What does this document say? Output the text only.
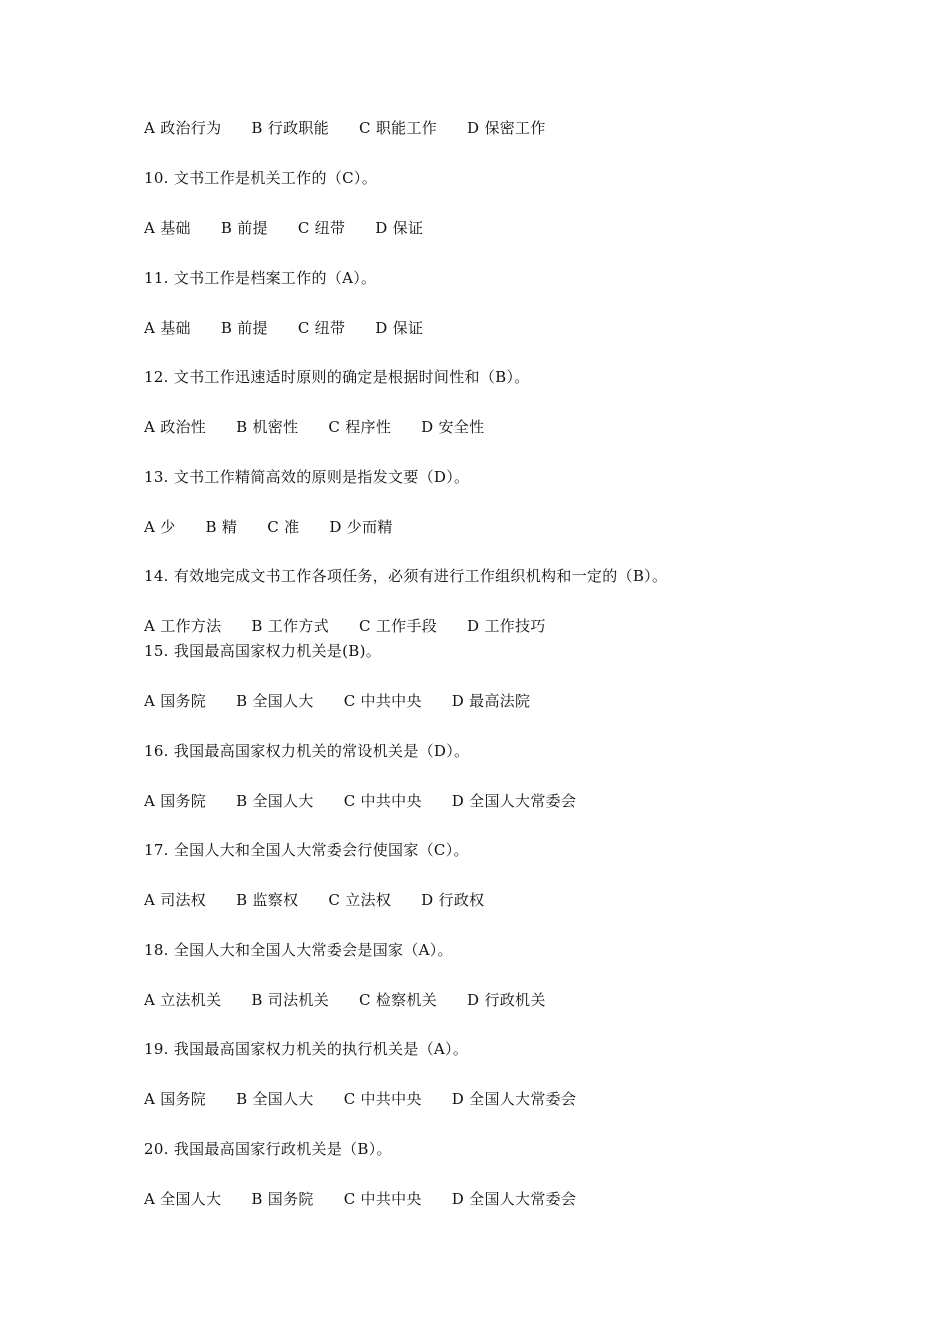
A 政治行为 B 行政职能 C 职能工作 D 保密工作
10. 文书工作是机关工作的（C）。
A 基础 B 前提 C 纽带 D 保证
11. 文书工作是档案工作的（A）。
A 基础 B 前提 C 纽带 D 保证
12. 文书工作迅速适时原则的确定是根据时间性和（B）。
A 政治性 B 机密性 C 程序性 D 安全性
13. 文书工作精简高效的原则是指发文要（D）。
A 少 B 精 C 准 D 少而精
14. 有效地完成文书工作各项任务，必须有进行工作组织机构和一定的（B）。
A 工作方法 B 工作方式 C 工作手段 D 工作技巧
15. 我国最高国家权力机关是(B)。
A 国务院 B 全国人大 C 中共中央 D 最高法院
16. 我国最高国家权力机关的常设机关是（D）。
A 国务院 B 全国人大 C 中共中央 D 全国人大常委会
17. 全国人大和全国人大常委会行使国家（C）。
A 司法权 B 监察权 C 立法权 D 行政权
18. 全国人大和全国人大常委会是国家（A）。
A 立法机关 B 司法机关 C 检察机关 D 行政机关
19. 我国最高国家权力机关的执行机关是（A）。
A 国务院 B 全国人大 C 中共中央 D 全国人大常委会
20. 我国最高国家行政机关是（B）。
A 全国人大 B 国务院 C 中共中央 D 全国人大常委会
